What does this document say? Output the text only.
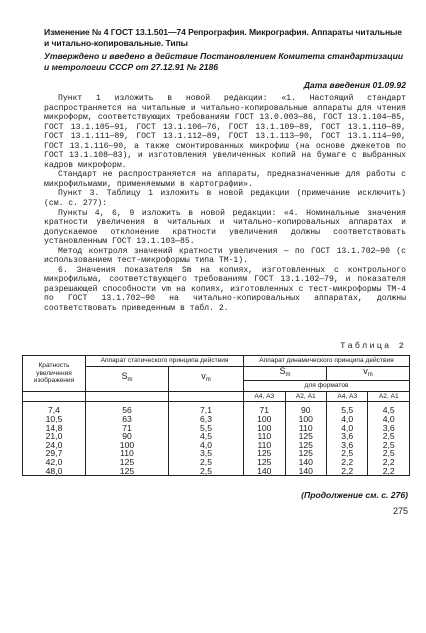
Изменение № 4 ГОСТ 13.1.501—74 Репрография. Микрография. Аппараты читальные и читально-копировальные. Типы
Утверждено и введено в действие Постановлением Комитета стандартизации и метрологии СССР от 27.12.91 № 2186
Дата введения 01.09.92

Пункт 1 изложить в новой редакции: «1. Настоящий стандарт распространяется на читальные и читально-копировальные аппараты для чтения микроформ, соответствующих требованиям ГОСТ 13.0.003—86, ГОСТ 13.1.104—85, ГОСТ 13.1.105—91, ГОСТ 13.1.106—76, ГОСТ 13.1.109—89, ГОСТ 13.1.110—89, ГОСТ 13.1.111—89, ГОСТ 13.1.112—89, ГОСТ 13.1.113—90, ГОСТ 13.1.114—90, ГОСТ 13.1.116—90, а также смонтированных микрофиш (на основе джекетов по ГОСТ 13.1.108—83), и изготовления увеличенных копий на бумаге с выбранных кадров микроформ.

Стандарт не распространяется на аппараты, предназначенные для работы с микрофильмами, применяемыми в картографии».

Пункт 3. Таблицу 1 изложить в новой редакции (примечание исключить) (см. с. 277):

Пункты 4, 6, 9 изложить в новой редакции: «4. Номинальные значения кратности увеличения в читальных и читально-копировальных аппаратах и допускаемое отклонение кратности увеличения должны соответствовать установленным ГОСТ 13.1.103—85.

Метод контроля значений кратности увеличения — по ГОСТ 13.1.702—90 (с использованием тест-микроформы типа ТМ-1).

6. Значения показателя Sm на копиях, изготовленных с контрольного микрофильма, соответствующего требованиям ГОСТ 13.1.102—79, и показателя разрешающей способности vm на копиях, изготовленных с тест-микроформы ТМ-4 по ГОСТ 13.1.702—90 на читально-копировальных аппаратах, должны соответствовать приведенным в табл. 2.

Таблица 2
Кратность увеличения изображения	Аппарат статического принципа действия		Аппарат динамического принципа действия			
	Sm	vm	Sm		vm	
			для форматов			
			А4, А3	А2, А1	А4, А3	А2, А1
7,4	56	7,1	71	90	5,5	4,5
10,5	63	6,3	100	100	4,0	4,0
14,8	71	5,5	100	110	4,0	3,6
21,0	90	4,5	110	125	3,6	2,5
24,0	100	4,0	110	125	3,6	2,5
29,7	110	3,5	125	125	2,5	2,5
42,0	125	2,5	125	140	2,2	2,2
48,0	125	2,5	140	140	2,2	2,2
(Продолжение см. с. 276)
275
